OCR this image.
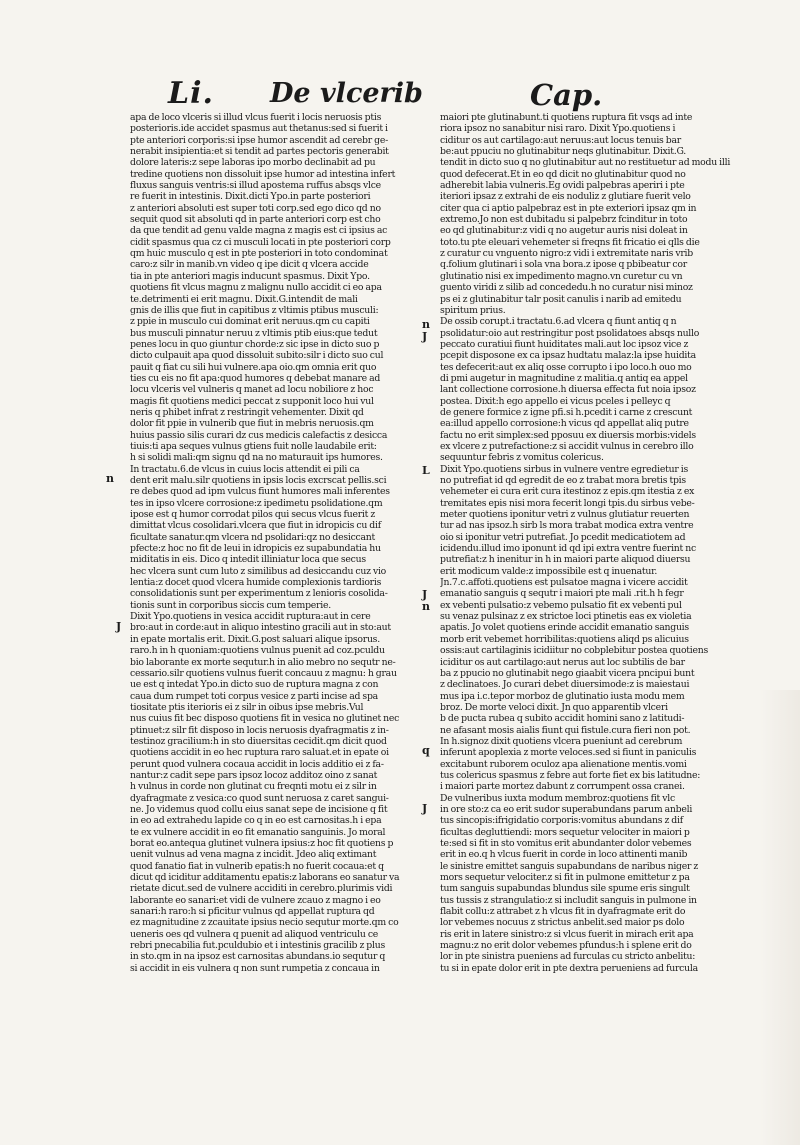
Li. De vlcerib	Cap.
apa de loco vlceris si illud vlcus fuerit i locis neruosis ptis
posterioris.ide accidet spasmus aut thetanus:sed si fuerit i
pte anteriori corporis:si ipse humor ascendit ad cerebr ge-
nerabit insipientia:et si tendit ad partes pectoris generabit
dolore lateris:z sepe laboras ipo morbo declinabit ad pu
tredine quotiens non dissoluit ipse humor ad intestina infert
fluxus sanguis ventris:si illud apostema ruffus absqs vlce
re fuerit in intestinis. Dixit.dicti Ypo.in parte posteriori
z anteriori absoluti est super toti corp.sed ego dico qd no
sequit quod sit absoluti qd in parte anteriori corp est cho
da que tendit ad genu valde magna z magis est ci ipsius ac
cidit spasmus qua cz ci musculi locati in pte posteriori corp
qm huic musculo q est in pte posteriori in toto condominat
caro:z silr in manib.vn video q ipe dicit q vlcera accide
tia in pte anteriori magis inducunt spasmus. Dixit Ypo.
quotiens fit vlcus magnu z malignu nullo accidit ci eo apa
te.detrimenti ei erit magnu. Dixit.G.intendit de mali
gnis de illis que fiut in capitibus z vltimis ptibus musculi:
z ppie in musculo cui dominat erit neruus.qm cu capiti
bus musculi pinnatur neruu z vltimis ptib eius:que tedut
penes locu in quo giuntur chorde:z sic ipse in dicto suo p
dicto culpauit apa quod dissoluit subito:silr i dicto suo cul
pauit q fiat cu sili hui vulnere.apa oio.qm omnia erit quo
ties cu eis no fit apa:quod humores q debebat manare ad
locu vlceris vel vulneris q manet ad locu nobiliore z hoc
magis fit quotiens medici peccat z supponit loco hui vul
neris q phibet infrat z restringit vehementer. Dixit qd
dolor fit ppie in vulnerib que fiut in mebris neruosis.qm
huius passio silis curari dz cus medicis calefactis z desicca
tiuis:ti apa seques vulnus gtiens fuit nolle laudabile erit:
h si solidi mali:qm signu qd na no maturauit ips humores.
In tractatu.6.de vlcus in cuius locis attendit ei pili ca
dent erit malu.silr quotiens in ipsis locis excrscat pellis.sci
re debes quod ad ipm vulcus fiunt humores mali inferentes
tes in ipso vlcere corrosione:z ipedimetu psolidatione.qm
ipose est q humor corrodat pilos qui secus vlcus fuerit z
dimittat vlcus cosolidari.vlcera que fiut in idropicis cu dif
ficultate sanatur.qm vlcera nd psolidari:qz no desiccant
pfecte:z hoc no fit de leui in idropicis ez supabundatia hu
miditatis in eis. Dico q intedit illiniatur loca que secus
hec vlcera sunt cum luto z similibus ad desiccandu cuz vio
lentia:z docet quod vlcera humide complexionis tardioris
consolidationis sunt per experimentum z lenioris cosolida-
tionis sunt in corporibus siccis cum temperie.
Dixit Ypo.quotiens in vesica accidit ruptura:aut in cere
bro:aut in corde:aut in aliquo intestino gracili aut in sto:aut
in epate mortalis erit. Dixit.G.post saluari alique ipsorus.
raro.h in h quoniam:quotiens vulnus puenit ad coz.pculdu
bio laborante ex morte sequtur.h in alio mebro no sequtr ne-
cessario.silr quotiens vulnus fuerit concauu z magnu: h grau
ue est q intedat Ypo.in dicto suo de ruptura magna z con
caua dum rumpet toti corpus vesice z parti incise ad spa
tiositate ptis iterioris ei z silr in oibus ipse mebris.Vul
nus cuius fit bec disposo quotiens fit in vesica no glutinet nec
ptinuet:z silr fit disposo in locis neruosis dyafragmatis z in-
testinoz gracilium:h in sto diuersitas cecidit.qm dicit quod
quotiens accidit in eo hec ruptura raro saluat.et in epate oi
perunt quod vulnera cocaua accidit in locis additio ei z fa-
nantur:z cadit sepe pars ipsoz locoz additoz oino z sanat
h vulnus in corde non glutinat cu freqnti motu ei z silr in
dyafragmate z vesica:co quod sunt neruosa z caret sangui-
ne. Jo videmus quod collu eius sanat sepe de incisione q fit
in eo ad extrahedu lapide co q in eo est carnositas.h i epa
te ex vulnere accidit in eo fit emanatio sanguinis. Jo moral
borat eo.antequa glutinet vulnera ipsius:z hoc fit quotiens p
uenit vulnus ad vena magna z incidit. Jdeo aliq extimant
quod fanatio fiat in vulnerib epatis:h no fuerit cocaua:et q
dicut qd iciditur additamentu epatis:z laborans eo sanatur va
rietate dicut.sed de vulnere acciditi in cerebro.plurimis vidi
laborante eo sanari:et vidi de vulnere zcauo z magno i eo
sanari:h raro:h si pficitur vulnus qd appellat ruptura qd
ez magnitudine z zcauitate ipsius necio sequtur morte.qm co
ueneris oes qd vulnera q puenit ad aliquod ventriculu ce
rebri pnecabilia fut.pculdubio et i intestinis gracilib z plus
in sto.qm in na ipsoz est carnositas abundans.io sequtur q
si accidit in eis vulnera q non sunt rumpetia z concaua in
maiori pte glutinabunt.ti quotiens ruptura fit vsqs ad inte
riora ipsoz no sanabitur nisi raro. Dixit Ypo.quotiens i
ciditur os aut cartilago:aut neruus:aut locus tenuis bar
be:aut ppuciu no glutinabitur neqs glutinabitur. Dixit.G.
tendit in dicto suo q no glutinabitur aut no restituetur ad modu illi
quod defecerat.Et in eo qd dicit no glutinabitur quod no
adherebit labia vulneris.Eg ovidi palpebras aperiri i pte
iteriori ipsaz z extrahi de eis noduliz z glutiare fuerit velo
citer qua ci aptio palpebraz est in pte exteriori ipsaz qm in
extremo.Jo non est dubitadu si palpebrz fcinditur in toto
eo qd glutinabitur:z vidi q no augetur auris nisi doleat in
toto.tu pte eleuari vehemeter si freqns fit fricatio ei qlls die
z curatur cu vnguento nigro:z vidi i extremitate naris vrib
q.folium glutinari i sola vna bora.z ipose q pbibeatur cor
glutinatio nisi ex impedimento magno.vn curetur cu vn
guento viridi z silib ad concededu.h no curatur nisi minoz
ps ei z glutinabitur talr posit canulis i narib ad emitedu
spiritum prius.
De ossib corupt.i tractatu.6.ad vlcera q fiunt antiq q n
psolidatur:oio aut restringitur post psolidatoes absqs nullo
peccato curatiui fiunt huiditates mali.aut loc ipsoz vice z
pcepit disposone ex ca ipsaz hudtatu malaz:la ipse huidita
tes defecerit:aut ex aliq osse corrupto i ipo loco.h ouo mo
di pmi augetur in magnitudine z malitia.q antiq ea appel
lant collectione corrosione.h diuersa effecta fut noia ipsoz
postea. Dixit:h ego appello ei vicus pceles i pelleyc q
de genere formice z igne pfi.si h.pcedit i carne z crescunt
ea:illud appello corrosione:h vicus qd appellat aliq putre
factu no erit simplex:sed pposuu ex diuersis morbis:videls
ex vlcere z putrefactione:z si accidit vulnus in cerebro illo
sequuntur febris z vomitus colericus.
Dixit Ypo.quotiens sirbus in vulnere ventre egredietur is
no putrefiat id qd egredit de eo z trabat mora bretis tpis
vehemeter ei cura erit cura itestinoz z epis.qm itestia z ex
tremitates epis nisi mora fecerit longi tpis.du sirbus vebe-
meter quotiens iponitur vetri z vulnus glutiatur reuerten
tur ad nas ipsoz.h sirb ls mora trabat modica extra ventre
oio si iponitur vetri putrefiat. Jo pcedit medicatiotem ad
icidendu.illud imo iponunt id qd ipi extra ventre fuerint nc
putrefiat:z h inenitur in h in maiori parte aliquod diuersu
erit modicum valde:z impossibile est q inuenatur.
Jn.7.c.affoti.quotiens est pulsatoe magna i vicere accidit
emanatio sanguis q sequtr i maiori pte mali .rit.h h fegr
ex vebenti pulsatio:z vebemo pulsatio fit ex vebenti pul
su venaz pulsinaz z ex strictoe loci ptinetis eas ex violetia
apatis. Jo volet quotiens erinde accidit emanatio sanguis
morb erit vebemet horribilitas:quotiens aliqd ps alicuius
ossis:aut cartilaginis icidiitur no cobplebitur postea quotiens
iciditur os aut cartilago:aut nerus aut loc subtilis de bar
ba z ppucio no glutinabit nego giaabit vicera pncipui bunt
z declinatoes. Jo curari debet diuersimode:z is maiestaui
mus ipa i.c.tepor morboz de glutinatio iusta modu mem
broz. De morte veloci dixit. Jn quo apparentib vlceri
b de pucta rubea q subito accidit homini sano z latitudi-
ne afasant mosis aialis fiunt qui fistule.cura fieri non pot.
In h.signoz dixit quotiens vlcera pueniunt ad cerebrum
inferunt apoplexia z morte veloces.sed si fiunt in paniculis
excitabunt ruborem oculoz apa alienatione mentis.vomi
tus colericus spasmus z febre aut forte fiet ex bis latitudne:
i maiori parte mortez dabunt z corrumpent ossa cranei.
De vulneribus iuxta modum membroz:quotiens fit vlc
in ore sto:z ca eo erit sudor superabundans parum anbeli
tus sincopis:ifrigidatio corporis:vomitus abundans z dif
ficultas degluttiendi: mors sequetur velociter in maiori p
te:sed si fit in sto vomitus erit abundanter dolor vebemes
erit in eo.q h vlcus fuerit in corde in loco attinenti manib
le sinistre emittet sanguis supabundans de naribus niger z
mors sequetur velociter.z si fit in pulmone emittetur z pa
tum sanguis supabundas blundus sile spume eris singult
tus tussis z strangulatio:z si includit sanguis in pulmone in
flabit collu:z attrabet z h vlcus fit in dyafragmate erit do
lor vebemes nocuus z strictus anbelit.sed maior ps dolo
ris erit in latere sinistro:z si vlcus fuerit in mirach erit apa
magnu:z no erit dolor vebemes pfundus:h i splene erit do
lor in pte sinistra pueniens ad furculas cu stricto anbelitu:
tu si in epate dolor erit in pte dextra perueniens ad furcula
n
J
n
J
L
J
n
q
J
